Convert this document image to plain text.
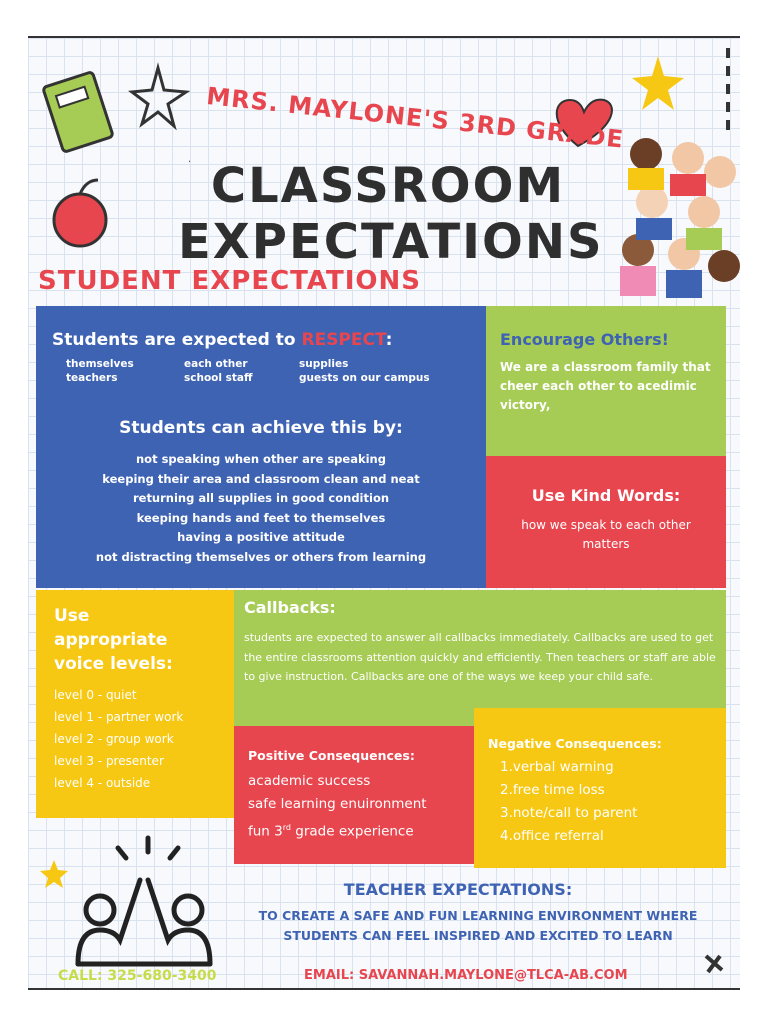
MRS. MAYLONE'S 3RD GRADE
CLASSROOM
EXPECTATIONS
STUDENT EXPECTATIONS
Students are expected to RESPECT:
themselves	each other	supplies
teachers	school staff	guests on our campus
Students can achieve this by:
not speaking when other are speaking
keeping their area and classroom clean and neat
returning all supplies in good condition
keeping hands and feet to themselves
having a positive attitude
not distracting themselves or others from learning
Encourage Others!
We are a classroom family that cheer each other to acedimic victory,
Use Kind Words:
how we speak to each other matters
Use
appropriate
voice levels:
level 0 - quiet
level 1 - partner work
level 2 - group work
level 3 - presenter
level 4 - outside
Callbacks:
students are expected to answer all callbacks immediately. Callbacks are used to get the entire classrooms attention quickly and efficiently. Then teachers or staff are able to give instruction. Callbacks are one of the ways we keep your child safe.
Positive Consequences:
academic success
safe learning enuironment
fun 3rd grade experience
Negative Consequences:
1.verbal warning
2.free time loss
3.note/call to parent
4.office referral
TEACHER EXPECTATIONS:
TO CREATE A SAFE AND FUN LEARNING ENVIRONMENT WHERE
STUDENTS CAN FEEL INSPIRED AND EXCITED TO LEARN
CALL: 325-680-3400	EMAIL: SAVANNAH.MAYLONE@TLCA-AB.COM
